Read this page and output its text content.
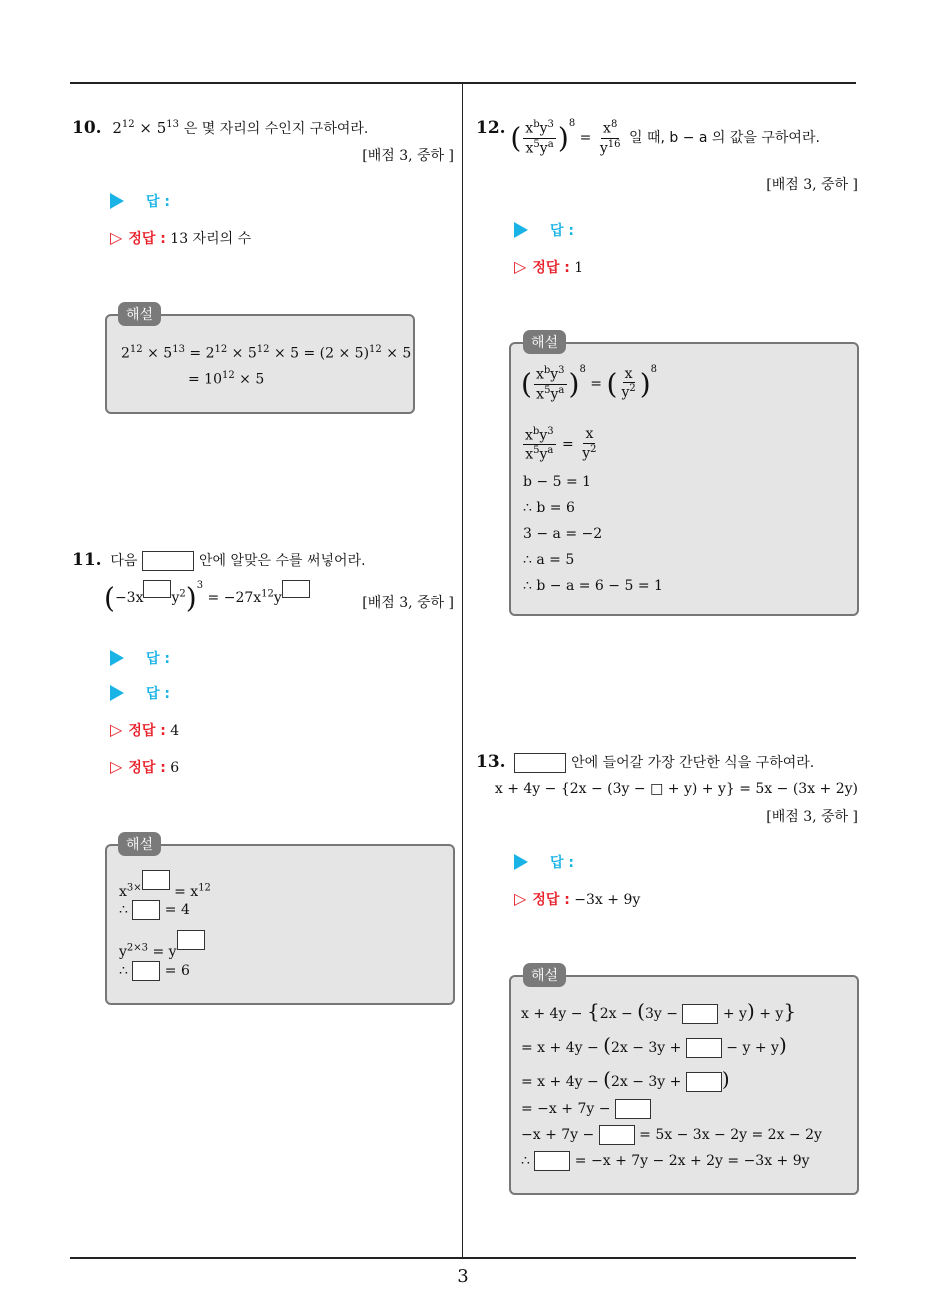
10. $2^{12} \times 5^{13}$ 은 몇 자리의 수인지 구하여라.
[배점 3, 중하 ]
답 :
▷ 정답 : 13 자리의 수
$2^{12} \times 5^{13} = 2^{12} \times 5^{12} \times 5 = (2 \times 5)^{12} \times 5$
= $10^{12} \times 5$
해설
11. 다음	안에 알맞은 수를 써넣어라.
(−3x $y^2)^3 = -27x^{12}y$	[배점 3, 중하 ]
답 :
답 :
▷ 정답 : 4
▷ 정답 : 6
$x^{3\times} = x^{12}$
∴  = 4
$y^{2\times 3} = y$
∴  = 6
해설
12. ( $\frac{x^by^3}{x^5y^a} )^8 = \frac{x^8}{y^{16}}$ 일 때, b − a 의 값을 구하여라.
[배점 3, 중하 ]
답 :
▷ 정답 : 1
( $\frac{x^by^3}{x^5y^a} )^8$ = ( $\frac{x}{y^2} )^8$
$\frac{x^by^3}{x^5y^a} = \frac{x}{y^2}$
b − 5 = 1
∴ b = 6
3 − a = −2
∴ a = 5
∴ b − a = 6 − 5 = 1
해설
13.	안에 들어갈 가장 간단한 식을 구하여라.
x + 4y − {2x − (3y − □ + y) + y} = 5x − (3x + 2y)
[배점 3, 중하 ]
답 :
▷ 정답 : −3x + 9y
x + 4y − {2x − (3y −	+ y) + y}
= x + 4y − (2x − 3y +	− y + y)
= x + 4y − (2x − 3y + )
= −x + 7y −
−x + 7y −	= 5x − 3x − 2y = 2x − 2y
∴	= −x + 7y − 2x + 2y = −3x + 9y
해설
3
